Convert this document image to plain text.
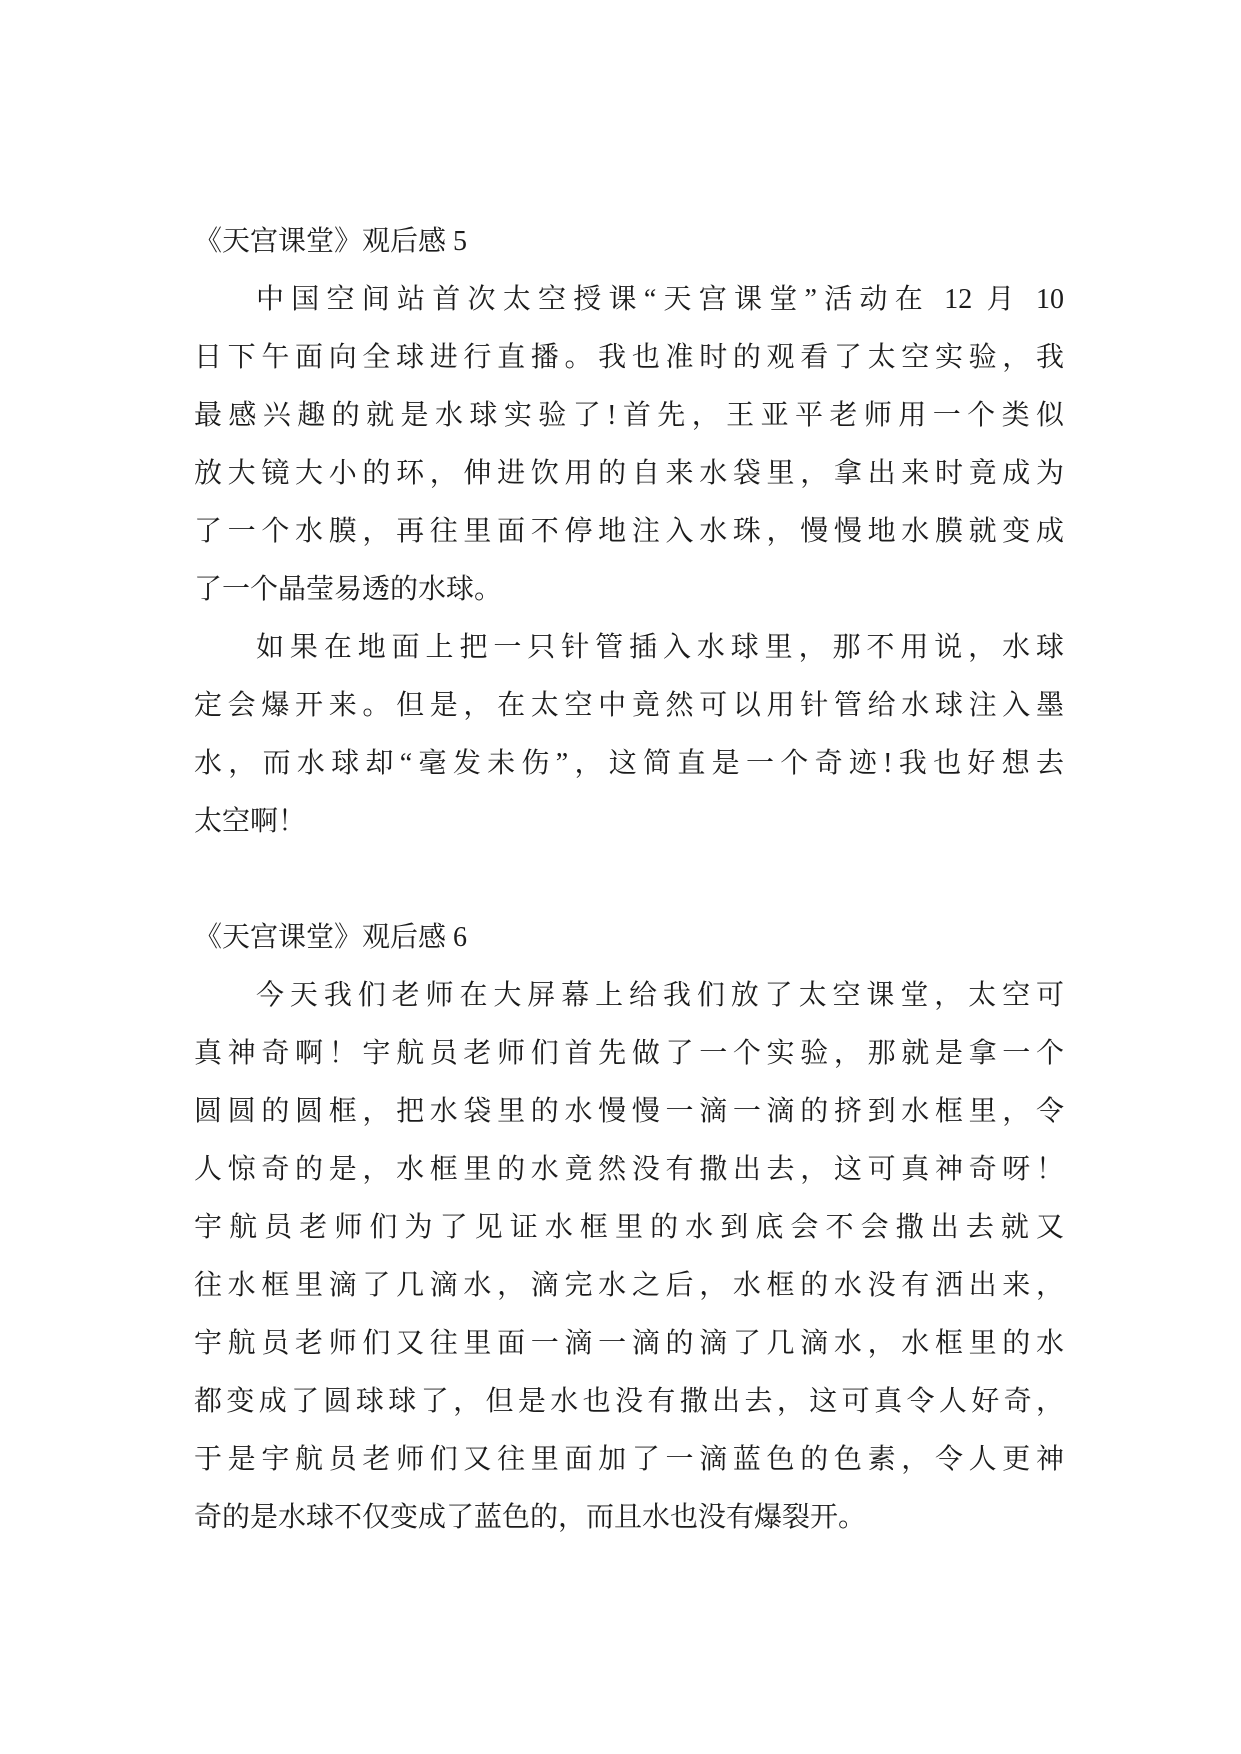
《天宫课堂》观后感 5
中国空间站首次太空授课“天宫课堂”活动在 12 月 10
日下午面向全球进行直播。我也准时的观看了太空实验，我
最感兴趣的就是水球实验了!首先，王亚平老师用一个类似
放大镜大小的环，伸进饮用的自来水袋里，拿出来时竟成为
了一个水膜，再往里面不停地注入水珠，慢慢地水膜就变成
了一个晶莹易透的水球。
如果在地面上把一只针管插入水球里，那不用说，水球
定会爆开来。但是，在太空中竟然可以用针管给水球注入墨
水，而水球却“毫发未伤”，这简直是一个奇迹!我也好想去
太空啊！
《天宫课堂》观后感 6
今天我们老师在大屏幕上给我们放了太空课堂，太空可
真神奇啊！宇航员老师们首先做了一个实验，那就是拿一个
圆圆的圆框，把水袋里的水慢慢一滴一滴的挤到水框里，令
人惊奇的是，水框里的水竟然没有撒出去，这可真神奇呀！
宇航员老师们为了见证水框里的水到底会不会撒出去就又
往水框里滴了几滴水，滴完水之后，水框的水没有洒出来，
宇航员老师们又往里面一滴一滴的滴了几滴水，水框里的水
都变成了圆球球了，但是水也没有撒出去，这可真令人好奇，
于是宇航员老师们又往里面加了一滴蓝色的色素，令人更神
奇的是水球不仅变成了蓝色的，而且水也没有爆裂开。
